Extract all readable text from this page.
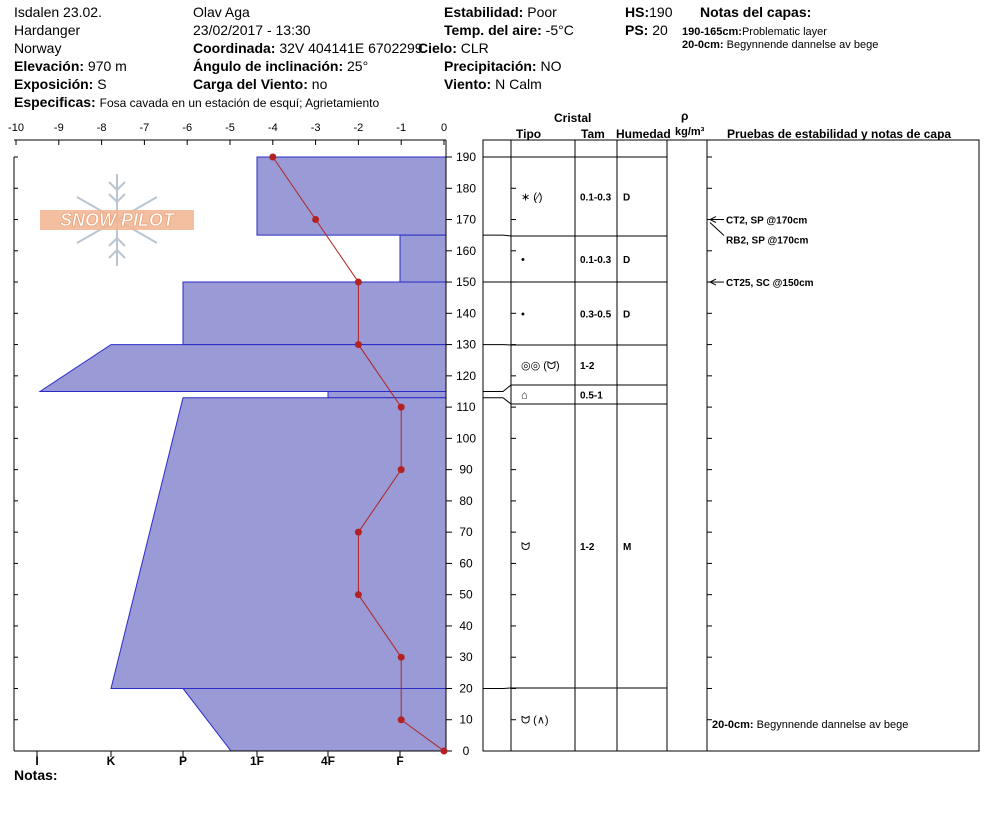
Isdalen 23.02.
Hardanger
Norway
Elevación: 970 m
Exposición: S
Especificas: Fosa cavada en un estación de esquí; Agrietamiento
Olav Aga
23/02/2017 - 13:30
Coordinada: 32V 404141E 6702299
Ángulo de inclinación: 25°
Carga del Viento: no
Estabilidad: Poor
Temp. del aire: -5°C
Cielo: CLR
Precipitación: NO
Viento: N Calm
HS:190
PS: 20
Notas del capas:
190-165cm:Problematic layer
20-0cm: Begynnende dannelse av bege
Cristal
Tipo	Tam Humedad
ρ
kg/m³ Pruebas de estabilidad y notas de capa
Notas:
SNOW PILOT
-10	-9	-8	-7	-6	-5	-4	-3	-2	-1	0
190
180
170
160
150
140
130
120
110
100
90
80
70
60
50
40
30
20
10
0
I	K	P	1F	4F	F
∗ (⁄)	0.1-0.3 D
•	0.1-0.3 D
•	0.3-0.5 D
◎◎ (ᗢ) 1-2
⌂	0.5-1
ᗢ	1-2	M
ᗢ (∧)
CT2, SP @170cm
RB2, SP @170cm
CT25, SC @150cm
20-0cm: Begynnende dannelse av bege
